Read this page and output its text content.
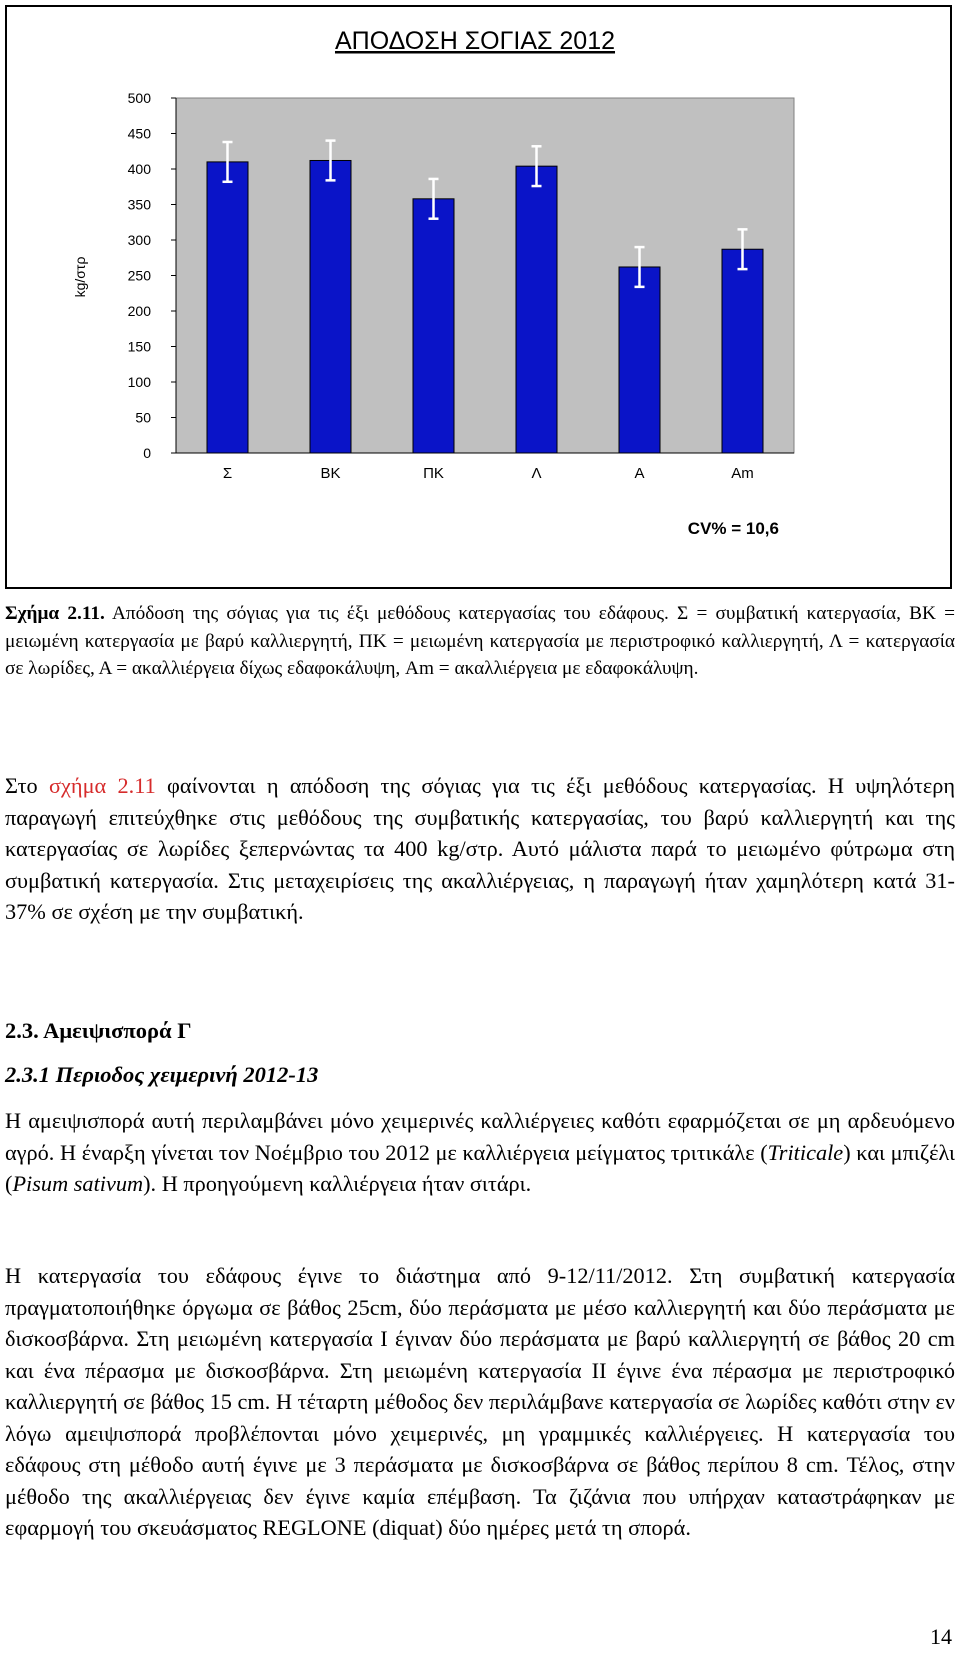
ΑΠΟΔΟΣΗ ΣΟΓΙΑΣ 2012
0
50
100
150
200
250
300
350
400
450
500
kg/στρ
Σ	ΒΚ	ΠΚ	Λ	Α	Am
CV% = 10,6
Σχήμα 2.11. Απόδοση της σόγιας για τις έξι μεθόδους κατεργασίας του εδάφους. Σ = συμβατική κατεργασία, ΒΚ = μειωμένη κατεργασία με βαρύ καλλιεργητή, ΠΚ = μειωμένη κατεργασία με περιστροφικό καλλιεργητή, Λ = κατεργασία σε λωρίδες, Α = ακαλλιέργεια δίχως εδαφοκάλυψη, Am = ακαλλιέργεια με εδαφοκάλυψη.
Στο σχήμα 2.11 φαίνονται η απόδοση της σόγιας για τις έξι μεθόδους κατεργασίας. Η υψηλότερη παραγωγή επιτεύχθηκε στις μεθόδους της συμβατικής κατεργασίας, του βαρύ καλλιεργητή και της κατεργασίας σε λωρίδες ξεπερνώντας τα 400 kg/στρ. Αυτό μάλιστα παρά το μειωμένο φύτρωμα στη συμβατική κατεργασία. Στις μεταχειρίσεις της ακαλλιέργειας, η παραγωγή ήταν χαμηλότερη κατά 31-37% σε σχέση με την συμβατική.
2.3. Αμειψισπορά Γ
2.3.1 Περιοδος χειμερινή 2012-13
Η αμειψισπορά αυτή περιλαμβάνει μόνο χειμερινές καλλιέργειες καθότι εφαρμόζεται σε μη αρδευόμενο αγρό. Η έναρξη γίνεται τον Νοέμβριο του 2012 με καλλιέργεια μείγματος τριτικάλε (Triticale) και μπιζέλι (Pisum sativum). Η προηγούμενη καλλιέργεια ήταν σιτάρι.
Η κατεργασία του εδάφους έγινε το διάστημα από 9-12/11/2012. Στη συμβατική κατεργασία πραγματοποιήθηκε όργωμα σε βάθος 25cm, δύο περάσματα με μέσο καλλιεργητή και δύο περάσματα με δισκοσβάρνα. Στη μειωμένη κατεργασία Ι έγιναν δύο περάσματα με βαρύ καλλιεργητή σε βάθος 20 cm και ένα πέρασμα με δισκοσβάρνα. Στη μειωμένη κατεργασία ΙΙ έγινε ένα πέρασμα με περιστροφικό καλλιεργητή σε βάθος 15 cm. Η τέταρτη μέθοδος δεν περιλάμβανε κατεργασία σε λωρίδες καθότι στην εν λόγω αμειψισπορά προβλέπονται μόνο χειμερινές, μη γραμμικές καλλιέργειες. Η κατεργασία του εδάφους στη μέθοδο αυτή έγινε με 3 περάσματα με δισκοσβάρνα σε βάθος περίπου 8 cm. Τέλος, στην μέθοδο της ακαλλιέργειας δεν έγινε καμία επέμβαση. Τα ζιζάνια που υπήρχαν καταστράφηκαν με εφαρμογή του σκευάσματος REGLONE (diquat) δύο ημέρες μετά τη σπορά.
14
